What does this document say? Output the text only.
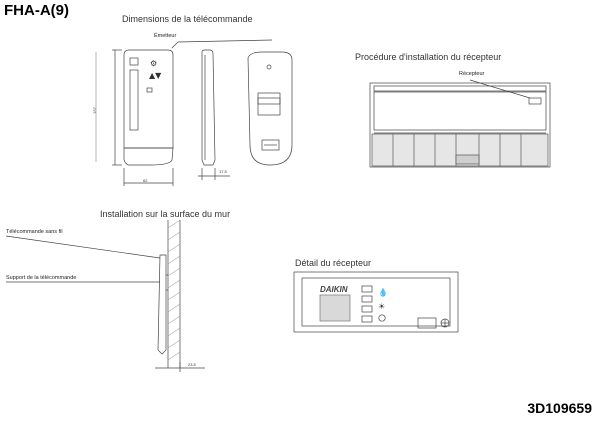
FHA-A(9)	Dimensions de la télécommande
Émetteur
157
62
17.5
Procédure d'installation du récepteur
Récepteur
Installation sur la surface du mur
Télécommande sans fil
Support de la télécommande
23.5
Détail du récepteur
DAIKIN
3D109659
⚙
▲▼
💧
☀
